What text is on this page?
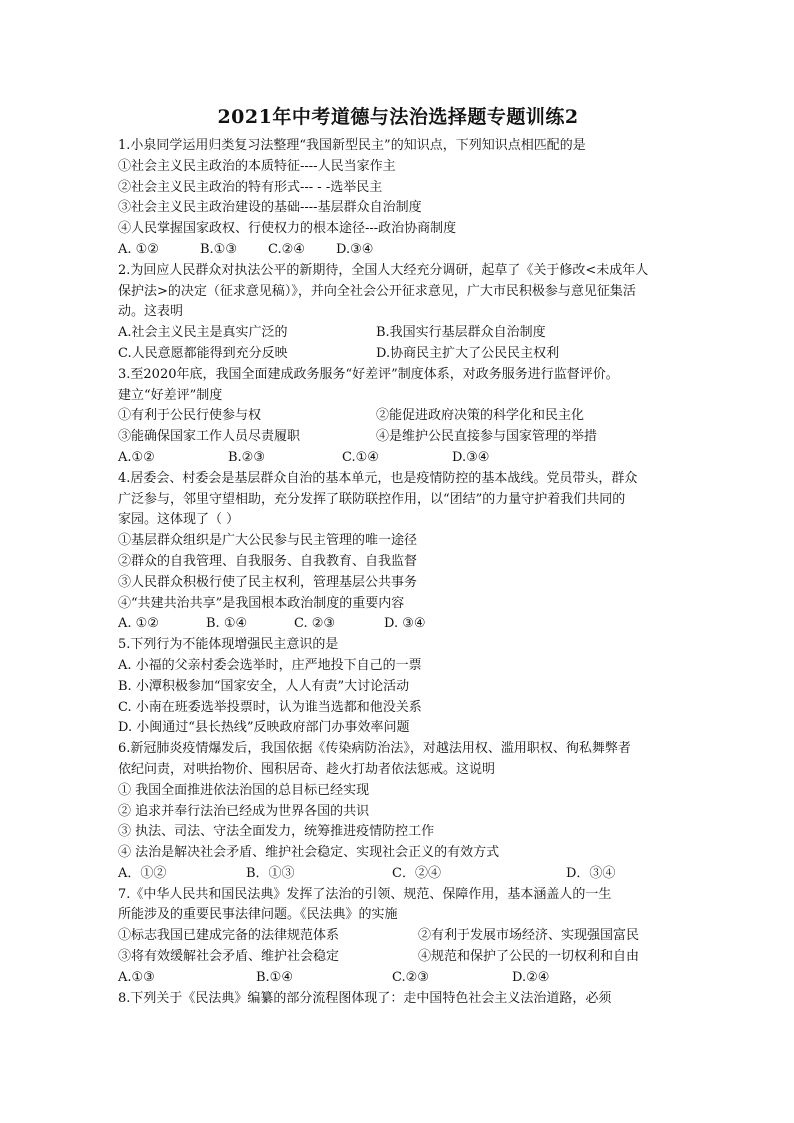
2021年中考道德与法治选择题专题训练2
1.小泉同学运用归类复习法整理“我国新型民主”的知识点，下列知识点相匹配的是
①社会主义民主政治的本质特征----人民当家作主
②社会主义民主政治的特有形式--- - -选举民主
③社会主义民主政治建设的基础----基层群众自治制度
④人民掌握国家政权、行使权力的根本途径---政治协商制度
A. ①②	B.①③	C.②④	D.③④
2.为回应人民群众对执法公平的新期待，全国人大经充分调研，起草了《关于修改<未成年人
保护法>的决定（征求意见稿）》，并向全社会公开征求意见，广大市民积极参与意见征集活
动。这表明
A.社会主义民主是真实广泛的	B.我国实行基层群众自治制度
C.人民意愿都能得到充分反映	D.协商民主扩大了公民民主权利
3.至2020年底，我国全面建成政务服务“好差评”制度体系，对政务服务进行监督评价。
建立“好差评”制度
①有利于公民行使参与权	②能促进政府决策的科学化和民主化
③能确保国家工作人员尽责履职	④是维护公民直接参与国家管理的举措
A.①②	B.②③	C.①④	D.③④
4.居委会、村委会是基层群众自治的基本单元，也是疫情防控的基本战线。党员带头，群众
广泛参与，邻里守望相助，充分发挥了联防联控作用，以“团结”的力量守护着我们共同的
家园。这体现了（ ）
①基层群众组织是广大公民参与民主管理的唯一途径
②群众的自我管理、自我服务、自我教育、自我监督
③人民群众积极行使了民主权利，管理基层公共事务
④“共建共治共享”是我国根本政治制度的重要内容
A. ①②	B. ①④	C. ②③	D. ③④
5.下列行为不能体现增强民主意识的是
A. 小福的父亲村委会选举时，庄严地投下自己的一票
B. 小潭积极参加“国家安全，人人有责”大讨论活动
C. 小南在班委选举投票时，认为谁当选都和他没关系
D. 小闽通过“县长热线”反映政府部门办事效率问题
6.新冠肺炎疫情爆发后，我国依据《传染病防治法》，对越法用权、滥用职权、徇私舞弊者
依纪问责，对哄抬物价、囤积居奇、趁火打劫者依法惩戒。这说明
① 我国全面推进依法治国的总目标已经实现
② 追求并奉行法治已经成为世界各国的共识
③ 执法、司法、守法全面发力，统筹推进疫情防控工作
④ 法治是解决社会矛盾、维护社会稳定、实现社会正义的有效方式
A．①②	B．①③	C．②④	D．③④
7.《中华人民共和国民法典》发挥了法治的引领、规范、保障作用，基本涵盖人的一生
所能涉及的重要民事法律问题。《民法典》的实施
①标志我国已建成完备的法律规范体系	②有利于发展市场经济、实现强国富民
③将有效缓解社会矛盾、维护社会稳定	④规范和保护了公民的一切权利和自由
A.①③	B.①④	C.②③	D.②④
8.下列关于《民法典》编纂的部分流程图体现了：走中国特色社会主义法治道路，必须
